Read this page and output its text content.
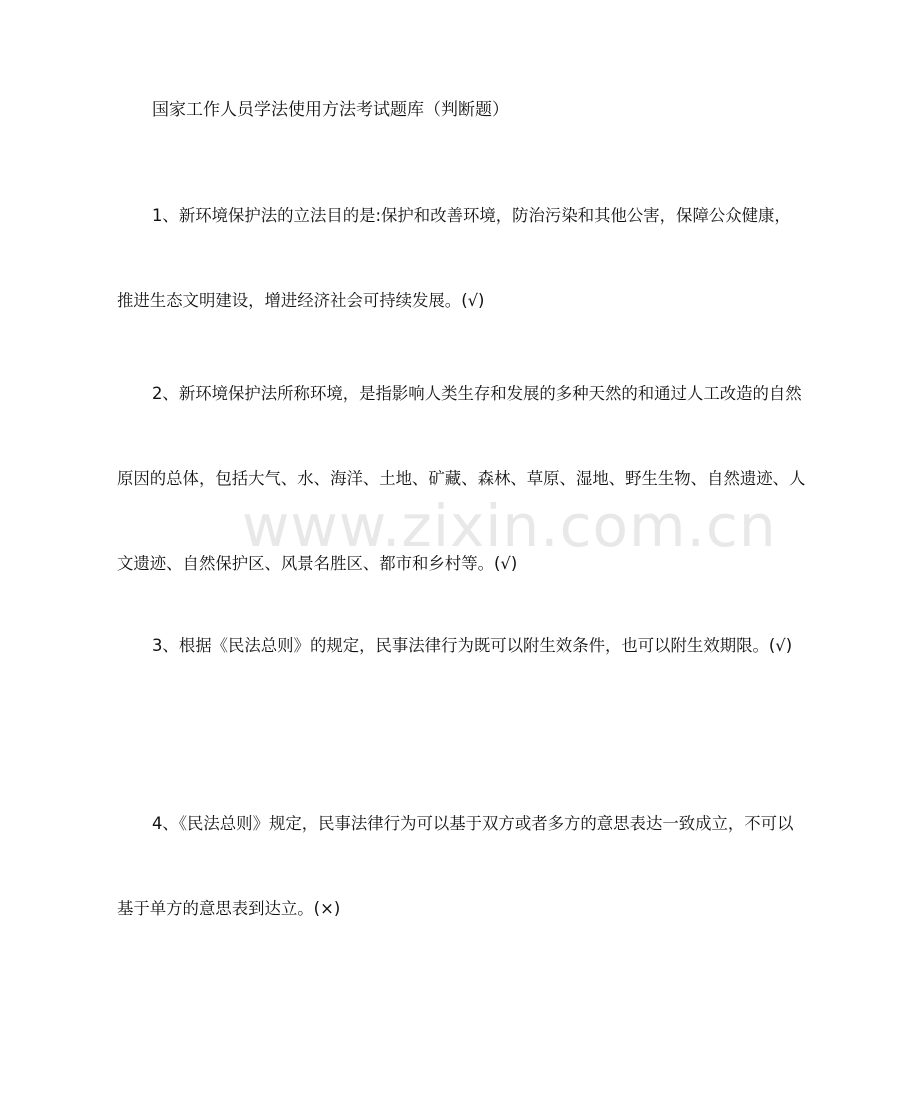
国家工作人员学法使用方法考试题库（判断题）

1、新环境保护法的立法目的是:保护和改善环境，防治污染和其他公害，保障公众健康，推进生态文明建设，增进经济社会可持续发展。(√)

2、新环境保护法所称环境，是指影响人类生存和发展的多种天然的和通过人工改造的自然原因的总体，包括大气、水、海洋、土地、矿藏、森林、草原、湿地、野生生物、自然遗迹、人文遗迹、自然保护区、风景名胜区、都市和乡村等。(√)

3、根据《民法总则》的规定，民事法律行为既可以附生效条件，也可以附生效期限。(√)

4、《民法总则》规定，民事法律行为可以基于双方或者多方的意思表达一致成立，不可以基于单方的意思表到达立。(×)

www.zixin.com.cn
